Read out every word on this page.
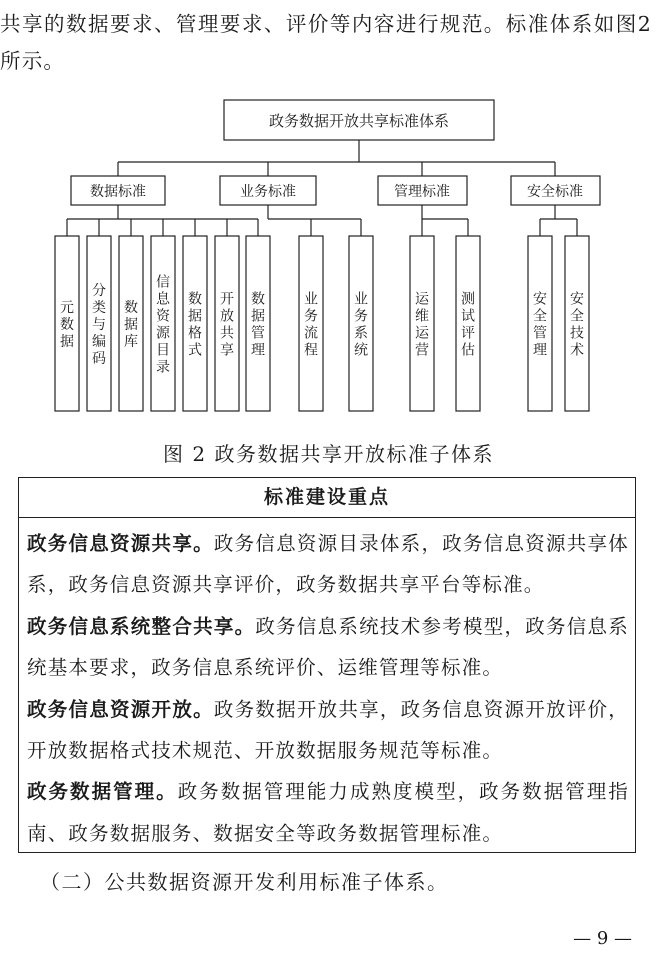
共享的数据要求、管理要求、评价等内容进行规范。标准体系如图2所示。

政务数据开放共享标准体系
数据标准	业务标准	管理标准	安全标准
元数据
分类与编码
数据库
信息资源目录
数据格式
开放共享
数据管理
业务流程
业务系统
运维运营
测试评估
安全管理
安全技术
图 2 政务数据共享开放标准子体系
标准建设重点

政务信息资源共享。政务信息资源目录体系，政务信息资源共享体系，政务信息资源共享评价，政务数据共享平台等标准。

政务信息系统整合共享。政务信息系统技术参考模型，政务信息系统基本要求，政务信息系统评价、运维管理等标准。

政务信息资源开放。政务数据开放共享，政务信息资源开放评价，开放数据格式技术规范、开放数据服务规范等标准。

政务数据管理。政务数据管理能力成熟度模型，政务数据管理指南、政务数据服务、数据安全等政务数据管理标准。

（二）公共数据资源开发利用标准子体系。

— 9 —
